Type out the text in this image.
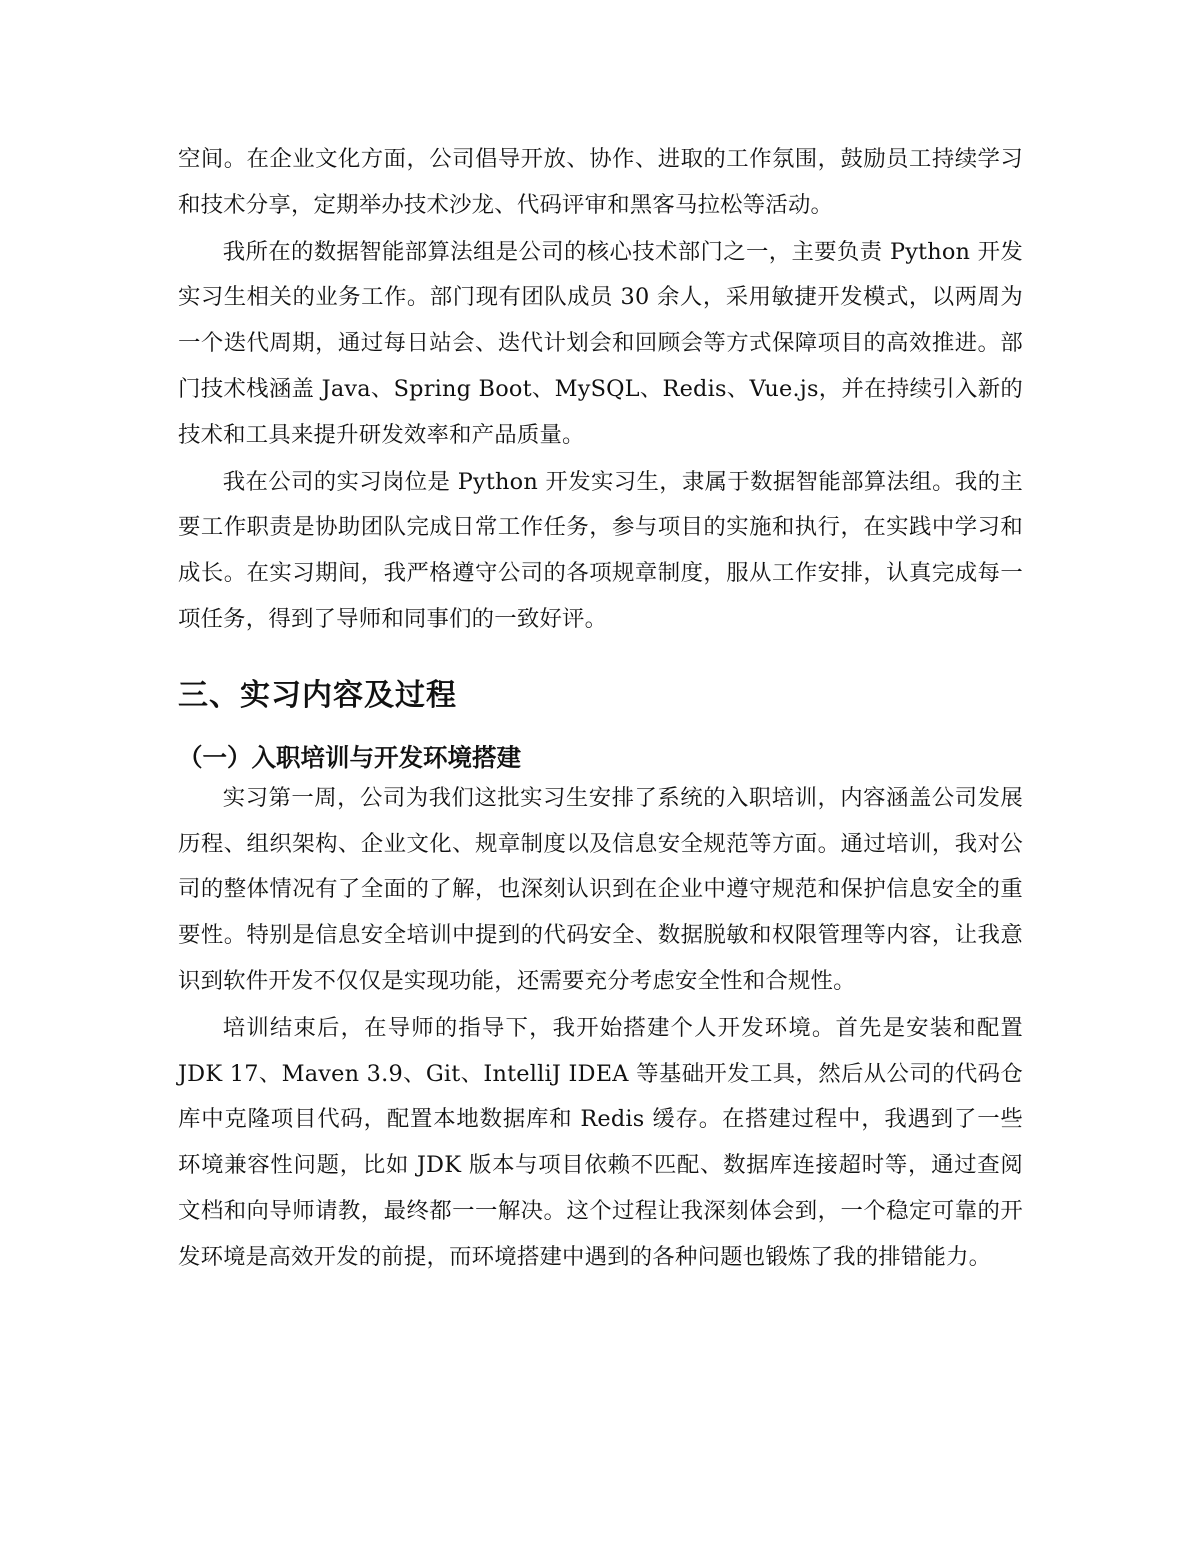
空间。在企业文化方面，公司倡导开放、协作、进取的工作氛围，鼓励员工持续学习和技术分享，定期举办技术沙龙、代码评审和黑客马拉松等活动。

我所在的数据智能部算法组是公司的核心技术部门之一，主要负责 Python 开发实习生相关的业务工作。部门现有团队成员 30 余人，采用敏捷开发模式，以两周为一个迭代周期，通过每日站会、迭代计划会和回顾会等方式保障项目的高效推进。部门技术栈涵盖 Java、Spring Boot、MySQL、Redis、Vue.js，并在持续引入新的技术和工具来提升研发效率和产品质量。

我在公司的实习岗位是 Python 开发实习生，隶属于数据智能部算法组。我的主要工作职责是协助团队完成日常工作任务，参与项目的实施和执行，在实践中学习和成长。在实习期间，我严格遵守公司的各项规章制度，服从工作安排，认真完成每一项任务，得到了导师和同事们的一致好评。

三、实习内容及过程
（一）入职培训与开发环境搭建

实习第一周，公司为我们这批实习生安排了系统的入职培训，内容涵盖公司发展历程、组织架构、企业文化、规章制度以及信息安全规范等方面。通过培训，我对公司的整体情况有了全面的了解，也深刻认识到在企业中遵守规范和保护信息安全的重要性。特别是信息安全培训中提到的代码安全、数据脱敏和权限管理等内容，让我意识到软件开发不仅仅是实现功能，还需要充分考虑安全性和合规性。

培训结束后，在导师的指导下，我开始搭建个人开发环境。首先是安装和配置 JDK 17、Maven 3.9、Git、IntelliJ IDEA 等基础开发工具，然后从公司的代码仓库中克隆项目代码，配置本地数据库和 Redis 缓存。在搭建过程中，我遇到了一些环境兼容性问题，比如 JDK 版本与项目依赖不匹配、数据库连接超时等，通过查阅文档和向导师请教，最终都一一解决。这个过程让我深刻体会到，一个稳定可靠的开发环境是高效开发的前提，而环境搭建中遇到的各种问题也锻炼了我的排错能力。
